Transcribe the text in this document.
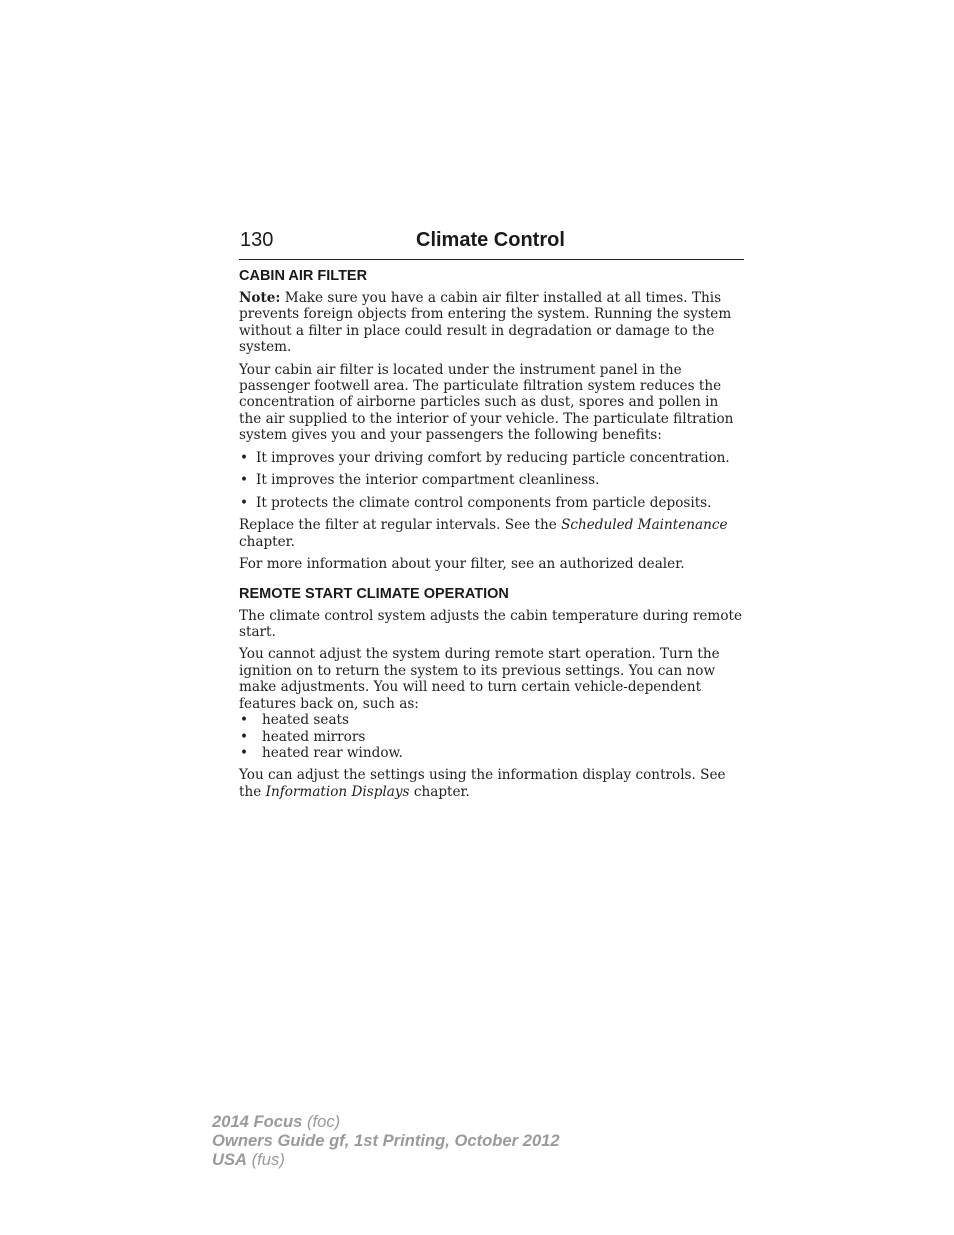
130	Climate Control
CABIN AIR FILTER

Note: Make sure you have a cabin air filter installed at all times. This prevents foreign objects from entering the system. Running the system without a filter in place could result in degradation or damage to the system.

Your cabin air filter is located under the instrument panel in the passenger footwell area. The particulate filtration system reduces the concentration of airborne particles such as dust, spores and pollen in the air supplied to the interior of your vehicle. The particulate filtration system gives you and your passengers the following benefits:

• It improves your driving comfort by reducing particle concentration.
• It improves the interior compartment cleanliness.
• It protects the climate control components from particle deposits.

Replace the filter at regular intervals. See the Scheduled Maintenance chapter.

For more information about your filter, see an authorized dealer.

REMOTE START CLIMATE OPERATION

The climate control system adjusts the cabin temperature during remote start.

You cannot adjust the system during remote start operation. Turn the ignition on to return the system to its previous settings. You can now make adjustments. You will need to turn certain vehicle-dependent features back on, such as:

• heated seats
• heated mirrors
• heated rear window.

You can adjust the settings using the information display controls. See the Information Displays chapter.

2014 Focus (foc)
Owners Guide gf, 1st Printing, October 2012
USA (fus)
